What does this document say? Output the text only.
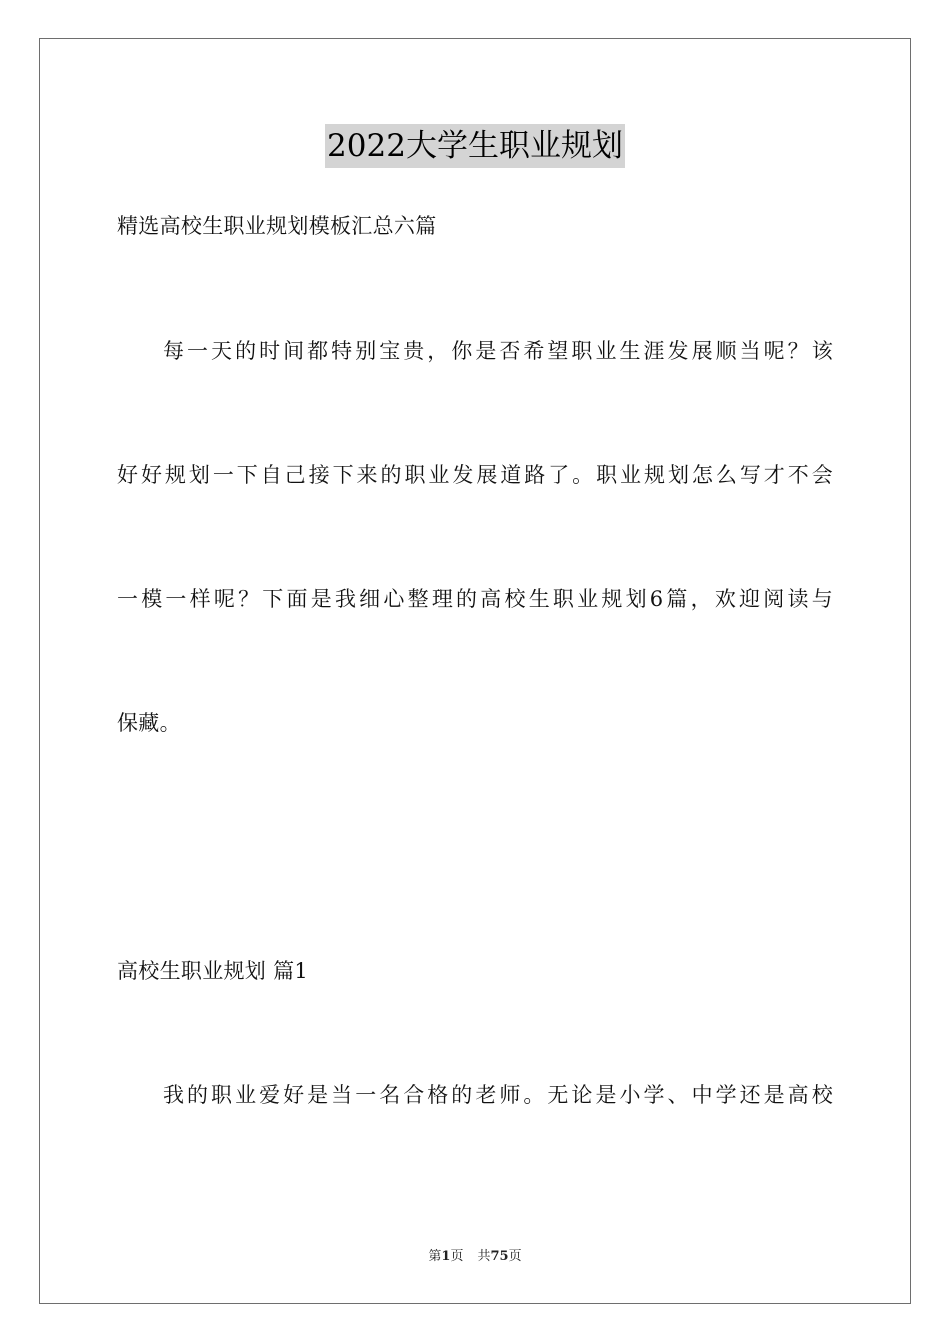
2022大学生职业规划
精选高校生职业规划模板汇总六篇
每一天的时间都特别宝贵，你是否希望职业生涯发展顺当呢？该
好好规划一下自己接下来的职业发展道路了。职业规划怎么写才不会
一模一样呢？下面是我细心整理的高校生职业规划6篇，欢迎阅读与
保藏。
高校生职业规划 篇1
我的职业爱好是当一名合格的老师。无论是小学、中学还是高校
第1页 共75页
